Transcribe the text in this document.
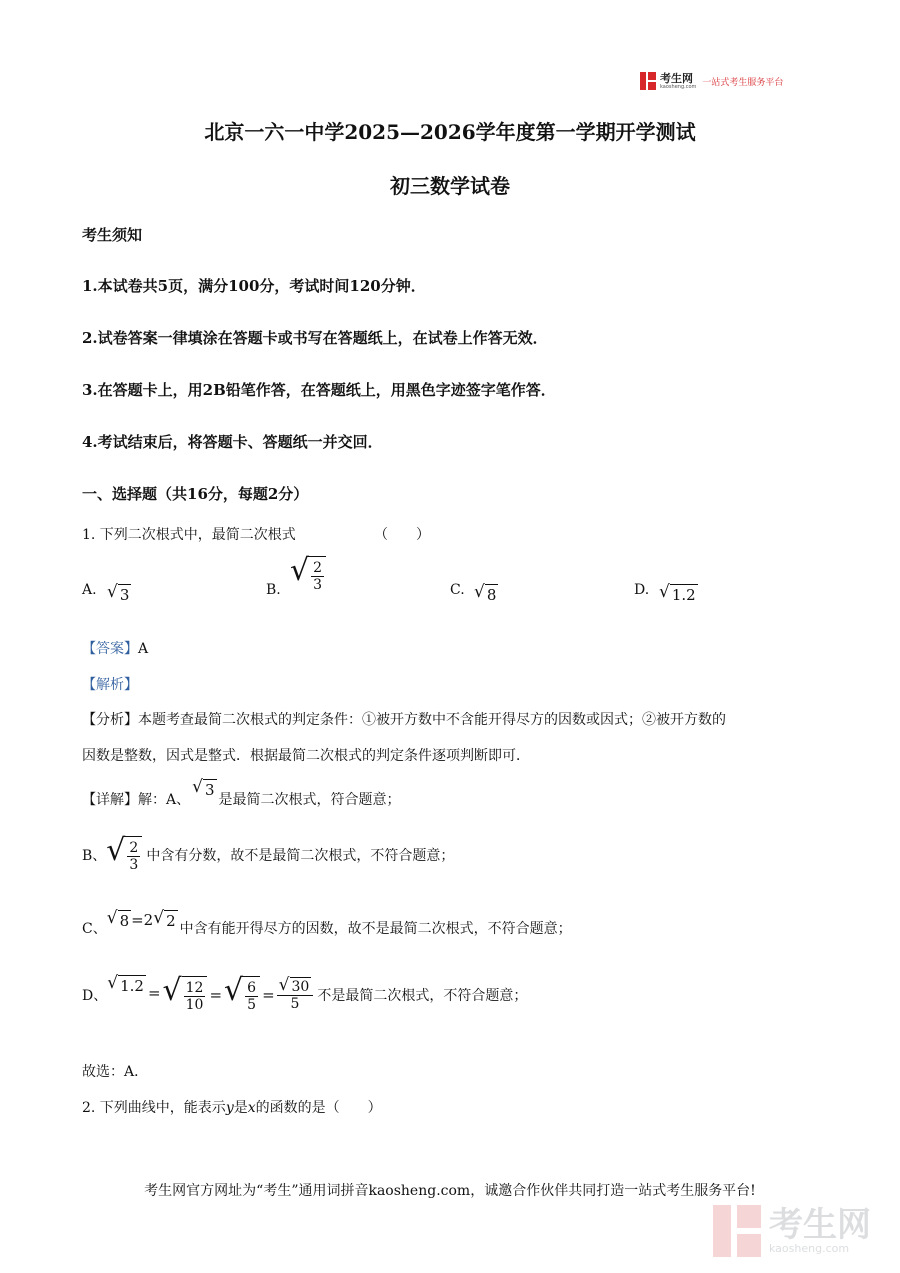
考生网
kaosheng.com 一站式考生服务平台
北京一六一中学2025—2026学年度第一学期开学测试
初三数学试卷
考生须知
1.本试卷共5页，满分100分，考试时间120分钟．
2.试卷答案一律填涂在答题卡或书写在答题纸上，在试卷上作答无效．
3.在答题卡上，用2B铅笔作答，在答题纸上，用黑色字迹签字笔作答．
4.考试结束后，将答题卡、答题纸一并交回．
一、选择题（共16分，每题2分）
1. 下列二次根式中，最简二次根式	（　　）
A. √ 3	B.
√ $\frac{2}{3}$	C. √ 8	D. √ 1.2
【答案】A
【解析】
【分析】本题考查最简二次根式的判定条件：①被开方数中不含能开得尽方的因数或因式；②被开方数的
因数是整数，因式是整式．根据最简二次根式的判定条件逐项判断即可．
【详解】 解：A、
√ 3
是最简二次根式，符合题意；
B、 √ $\frac{2}{3}$ 中含有分数，故不是最简二次根式，不符合题意；
C、
√ 8 =2 √ 2 中含有能开得尽方的因数，故不是最简二次根式，不符合题意；
D、
√ 1.2 = √ $\frac{12}{10}$ = √ $\frac{6}{5} = \frac{√ 30}{5}$ 不是最简二次根式，不符合题意；
故选：A．
2. 下列曲线中，能表示y是x的函数的是（　　）
考生网官方网址为“考生”通用词拼音kaosheng.com，诚邀合作伙伴共同打造一站式考生服务平台!
考生网
kaosheng.com
